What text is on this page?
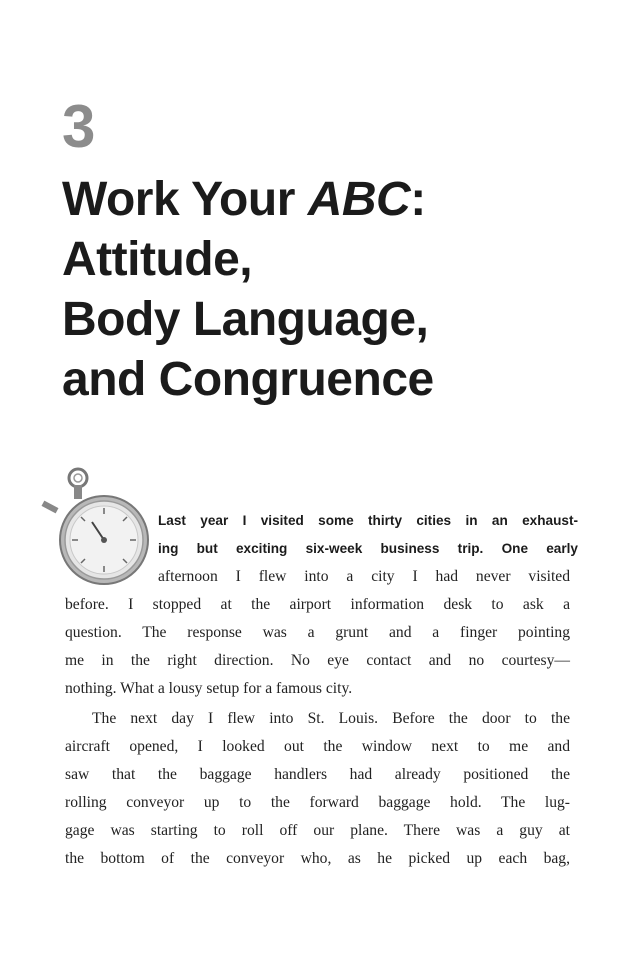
3
Work Your ABC:
Attitude,
Body Language,
and Congruence
Last year I visited some thirty cities in an exhaust-
ing but exciting six-week business trip. One early
afternoon I flew into a city I had never visited
before. I stopped at the airport information desk to ask a
question. The response was a grunt and a finger pointing
me in the right direction. No eye contact and no courtesy—
nothing. What a lousy setup for a famous city.
The next day I flew into St. Louis. Before the door to the
aircraft opened, I looked out the window next to me and
saw that the baggage handlers had already positioned the
rolling conveyor up to the forward baggage hold. The lug-
gage was starting to roll off our plane. There was a guy at
the bottom of the conveyor who, as he picked up each bag,
